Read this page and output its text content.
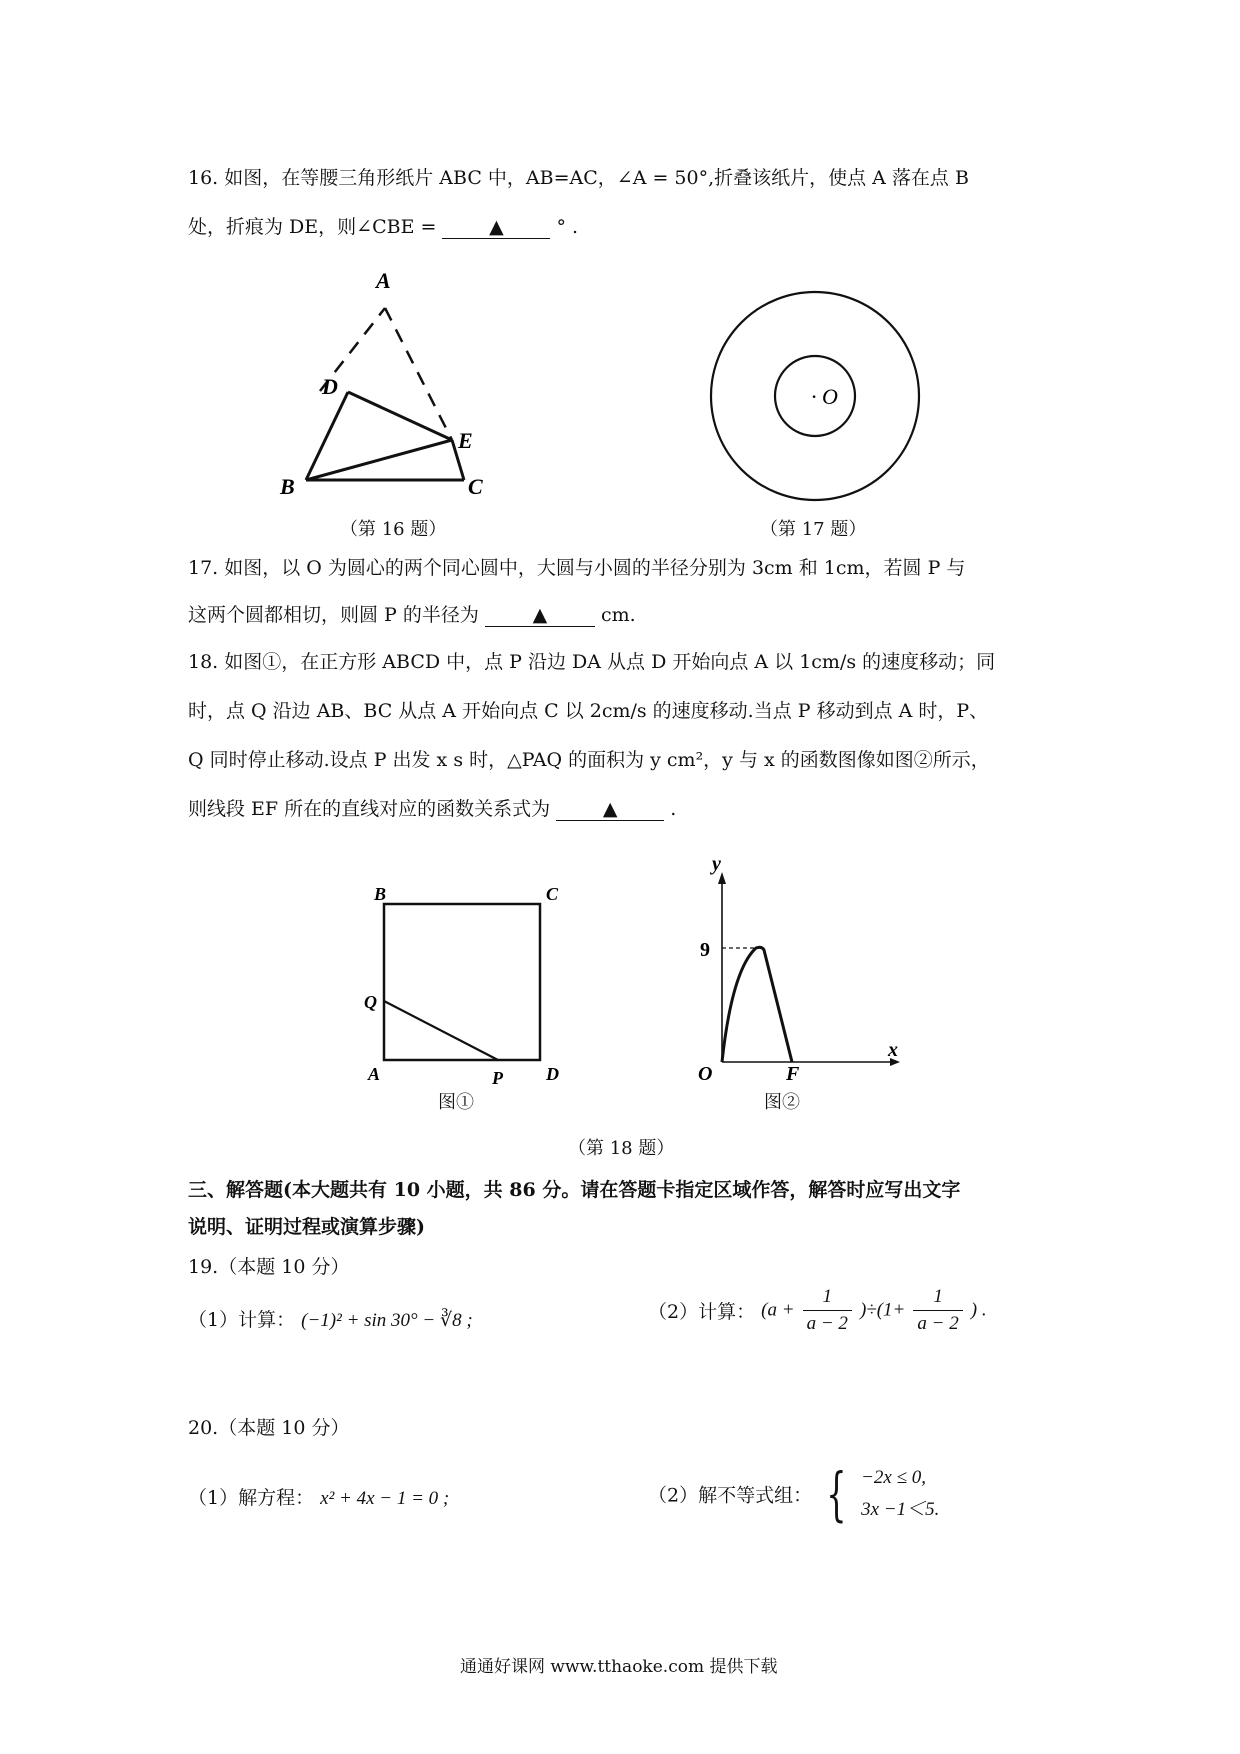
16. 如图，在等腰三角形纸片 ABC 中，AB=AC，∠A = 50°,折叠该纸片，使点 A 落在点 B
处，折痕为 DE，则∠CBE =	▲	° .
A
D
E
B	C
（第 16 题）
· O
（第 17 题）
17. 如图，以 O 为圆心的两个同心圆中，大圆与小圆的半径分别为 3cm 和 1cm，若圆 P 与
这两个圆都相切，则圆 P 的半径为	▲	cm.
18. 如图①，在正方形 ABCD 中，点 P 沿边 DA 从点 D 开始向点 A 以 1cm/s 的速度移动；同
时，点 Q 沿边 AB、BC 从点 A 开始向点 C 以 2cm/s 的速度移动.当点 P 移动到点 A 时，P、
Q 同时停止移动.设点 P 出发 x s 时，△PAQ 的面积为 y cm²，y 与 x 的函数图像如图②所示，
则线段 EF 所在的直线对应的函数关系式为	▲	.
B	C
Q
A	P D
图①
y
x
9
O	F
图②
（第 18 题）
三、解答题(本大题共有 10 小题，共 86 分。请在答题卡指定区域作答，解答时应写出文字
说明、证明过程或演算步骤)
19.（本题 10 分）
（1）计算： (−1)² + sin 30° − ∛8 ;	（2）计算： $(a + \frac{1}{a - 2} )\div(1+ \frac{1}{a - 2}$ ) .
20.（本题 10 分）
（1）解方程： x² + 4x − 1 = 0 ;	（2）解不等式组： { −2x ≤ 0,
3x −1＜5.
通通好课网 www.tthaoke.com 提供下载
